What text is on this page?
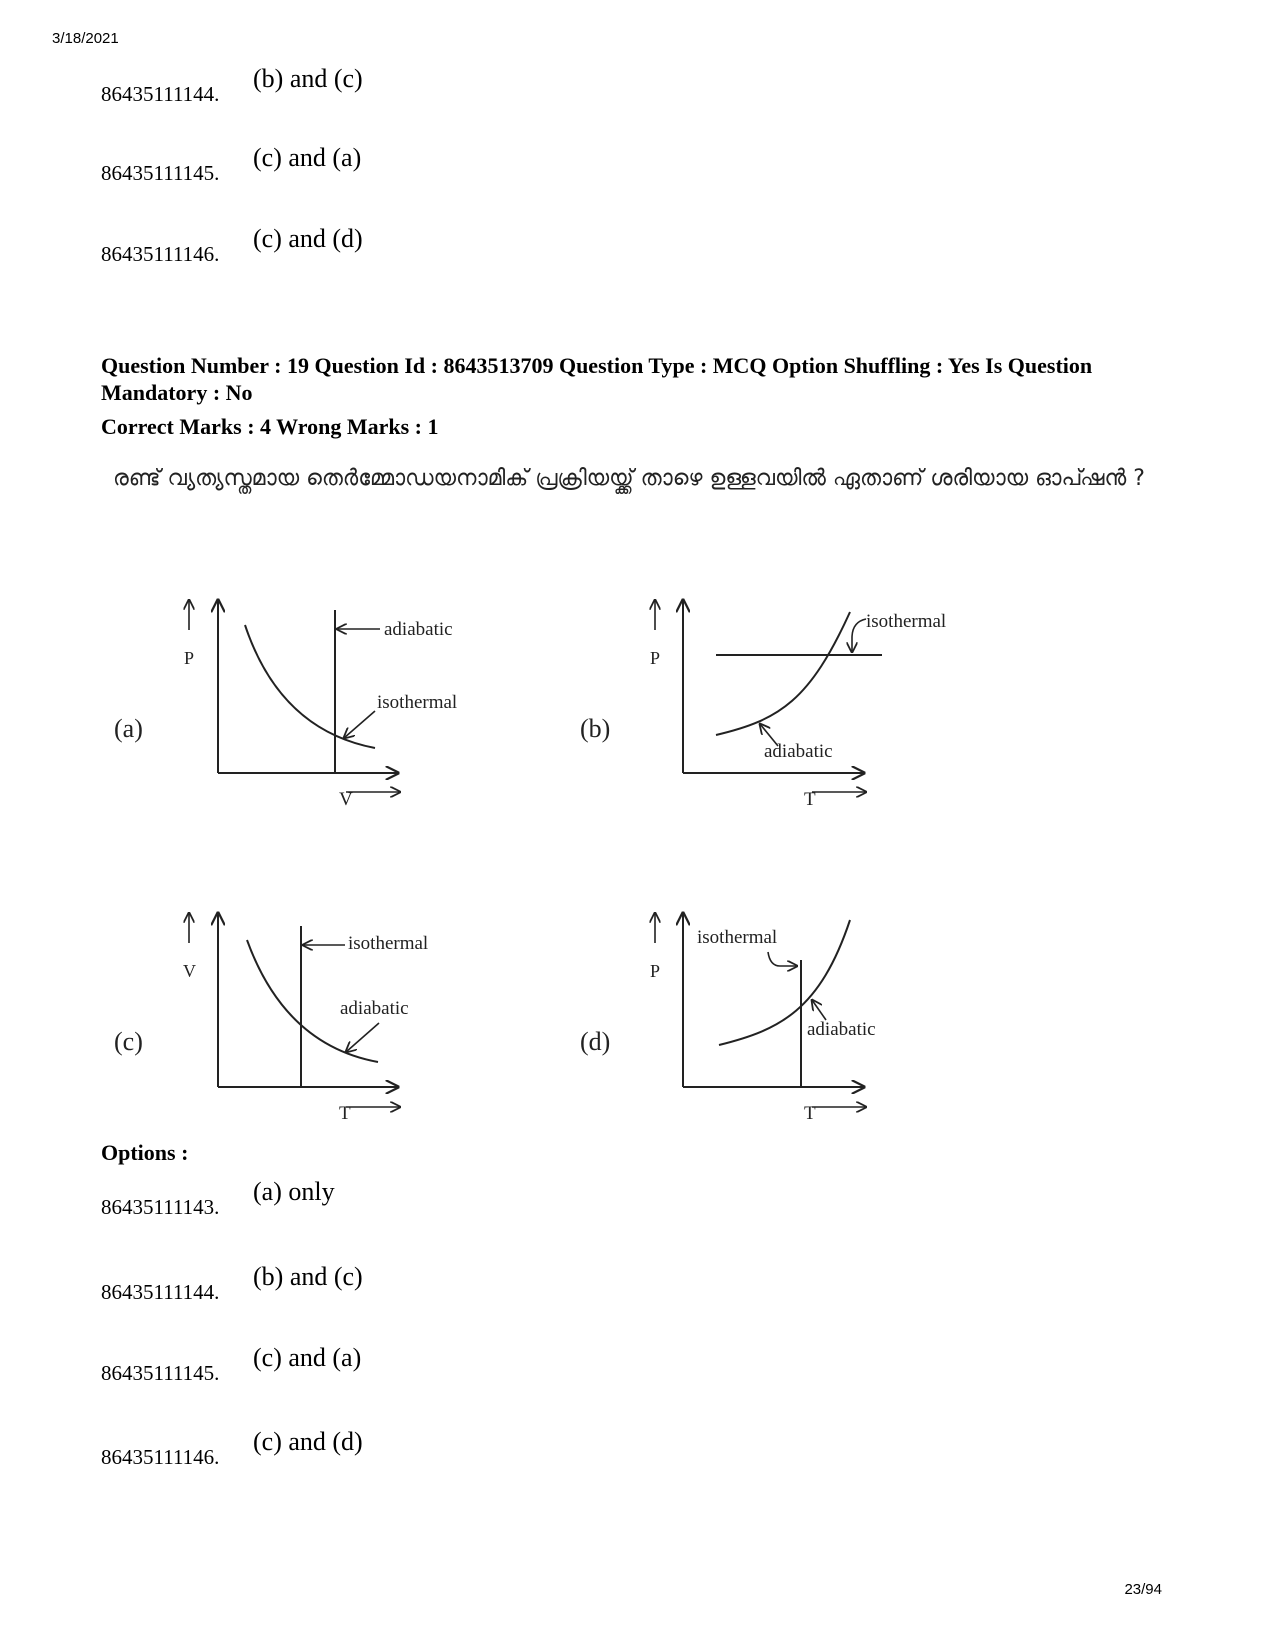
3/18/2021
86435111144.
(b) and (c)
86435111145.
(c) and (a)
86435111146.
(c) and (d)
Question Number : 19 Question Id : 8643513709 Question Type : MCQ Option Shuffling : Yes Is Question Mandatory : No
Correct Marks : 4 Wrong Marks : 1
രണ്ട് വ്യത്യസ്തമായ തെർമ്മോഡയനാമിക് പ്രക്രിയയ്ക്ക് താഴെ ഉള്ളവയിൽ ഏതാണ് ശരിയായ ഓപ്ഷൻ ?
(a)
P
V
adiabatic
isothermal
(b)
P
T
isothermal
adiabatic
(c)
V
T
isothermal
adiabatic
(d)
P
T
isothermal
adiabatic
Options :
86435111143.
(a) only
86435111144.
(b) and (c)
86435111145.
(c) and (a)
86435111146.
(c) and (d)
23/94
